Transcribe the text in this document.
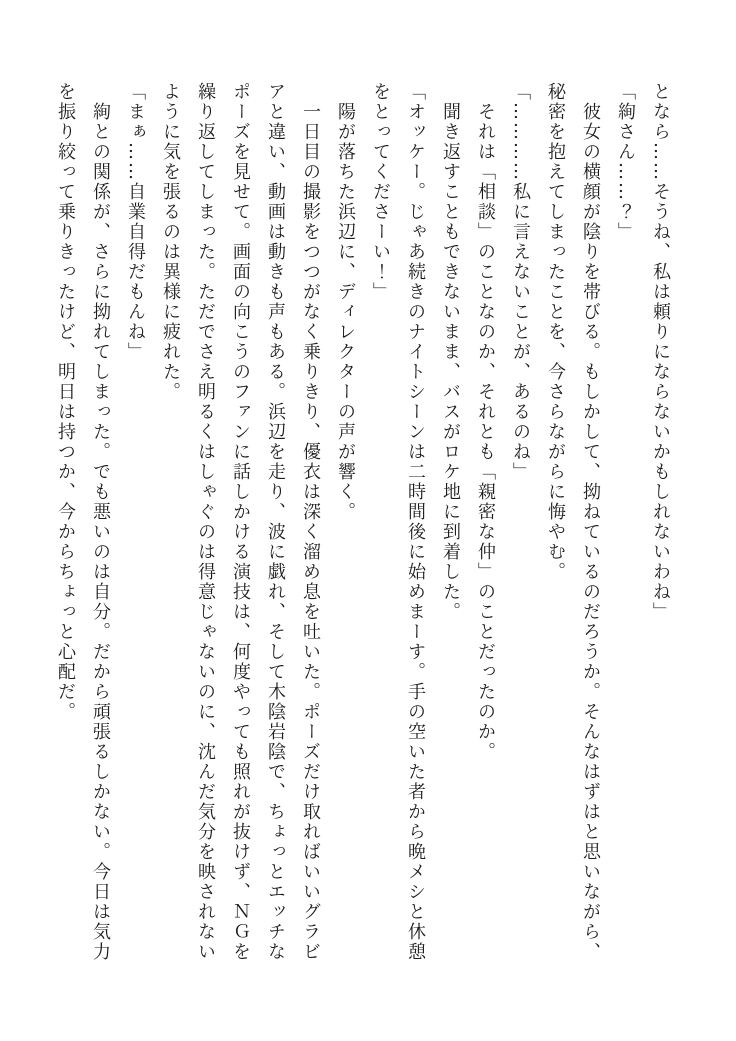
となら……そうね、私は頼りにならないかもしれないわね」

「絢さん……？」

彼女の横顔が陰りを帯びる。もしかして、拗ねているのだろうか。そんなはずはと思いながら、秘密を抱えてしまったことを、今さらながらに悔やむ。

「…………私に言えないことが、あるのね」

それは「相談」のことなのか、それとも「親密な仲」のことだったのか。

聞き返すこともできないまま、バスがロケ地に到着した。

「オッケー。じゃあ続きのナイトシーンは二時間後に始めまーす。手の空いた者から晩メシと休憩をとってくださーい！」

陽が落ちた浜辺に、ディレクターの声が響く。

一日目の撮影をつつがなく乗りきり、優衣は深く溜め息を吐いた。ポーズだけ取ればいいグラビアと違い、動画は動きも声もある。浜辺を走り、波に戯れ、そして木陰岩陰で、ちょっとエッチなポーズを見せて。画面の向こうのファンに話しかける演技は、何度やっても照れが抜けず、ＮＧを繰り返してしまった。ただでさえ明るくはしゃぐのは得意じゃないのに、沈んだ気分を映されないように気を張るのは異様に疲れた。

「まぁ……自業自得だもんね」

絢との関係が、さらに拗れてしまった。でも悪いのは自分。だから頑張るしかない。今日は気力を振り絞って乗りきったけど、明日は持つか、今からちょっと心配だ。
